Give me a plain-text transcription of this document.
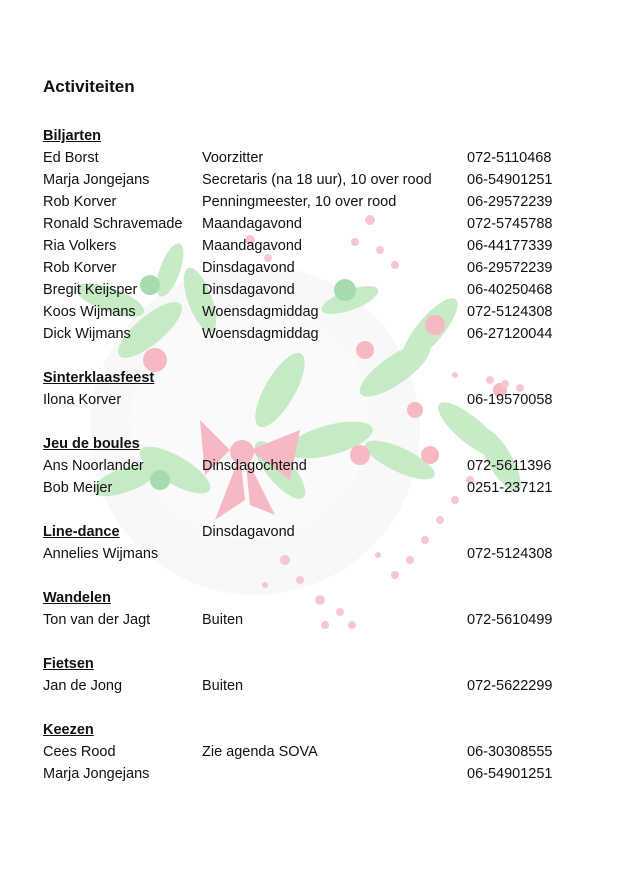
Activiteiten
Biljarten
Ed Borst	Voorzitter	072-5110468
Marja Jongejans	Secretaris (na 18 uur), 10 over rood 06-54901251
Rob Korver	Penningmeester, 10 over rood	06-29572239
Ronald Schravemade Maandagavond	072-5745788
Ria Volkers	Maandagavond	06-44177339
Rob Korver	Dinsdagavond	06-29572239
Bregit Keijsper	Dinsdagavond	06-40250468
Koos Wijmans	Woensdagmiddag	072-5124308
Dick Wijmans	Woensdagmiddag	06-27120044
Sinterklaasfeest
Ilona Korver	06-19570058
Jeu de boules
Ans Noorlander	Dinsdagochtend	072-5611396
Bob Meijer	0251-237121
Line-dance	Dinsdagavond
Annelies Wijmans	072-5124308
Wandelen
Ton van der Jagt	Buiten	072-5610499
Fietsen
Jan de Jong	Buiten	072-5622299
Keezen
Cees Rood	Zie agenda SOVA	06-30308555
Marja Jongejans	06-54901251
